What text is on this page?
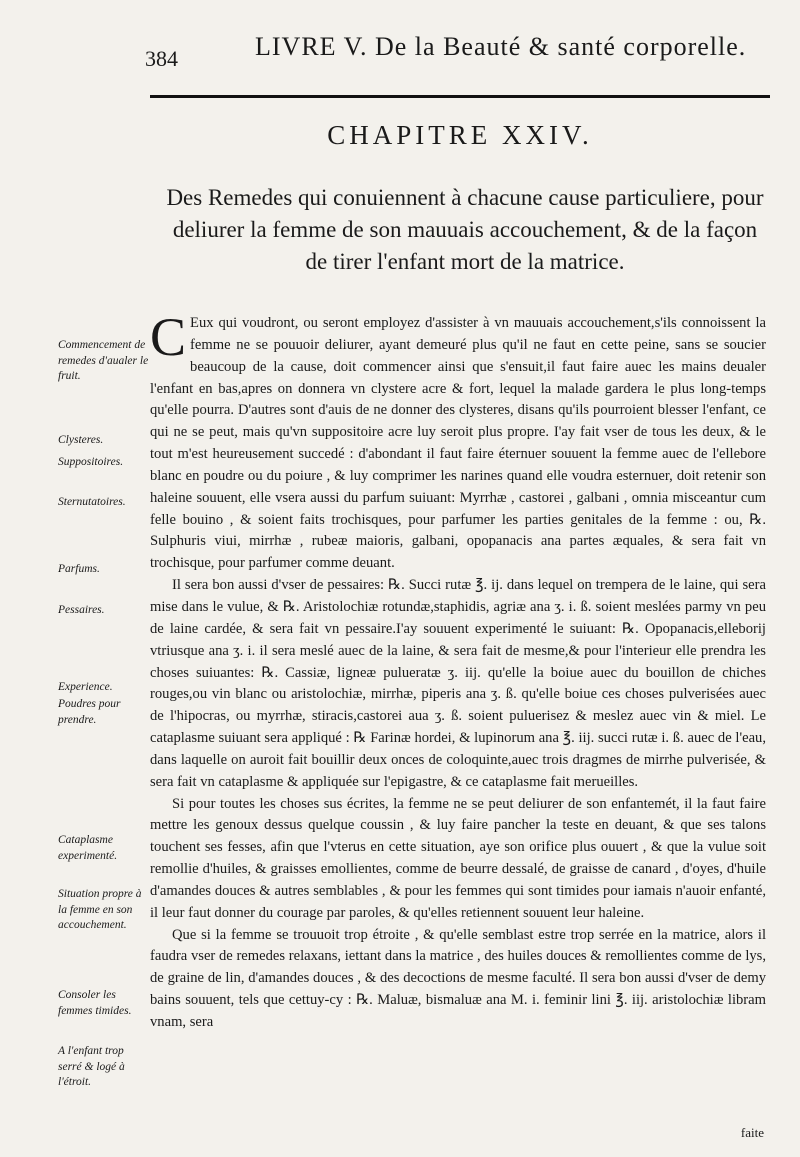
384	LIVRE V. De la Beauté & santé corporelle.
CHAPITRE XXIV.
Des Remedes qui conuiennent à chacune cause particuliere, pour deliurer la femme de son mauuais accouchement, & de la façon de tirer l'enfant mort de la matrice.
Commencement de remedes d'aualer le fruit.
Clysteres.
Suppositoires.
Sternutatoires.
Parfums.
Pessaires.
Experience.
Poudres pour prendre.
Cataplasme experimenté.
Situation propre à la femme en son accouchement.
Consoler les femmes timides.
A l'enfant trop serré & logé à l'étroit.

C Eux qui voudront, ou seront employez d'assister à vn mauuais accouchement,s'ils connoissent la femme ne se pouuoir deliurer, ayant demeuré plus qu'il ne faut en cette peine, sans se soucier beaucoup de la cause, doit commencer ainsi que s'ensuit,il faut faire auec les mains deualer l'enfant en bas,apres on donnera vn clystere acre & fort, lequel la malade gardera le plus long-temps qu'elle pourra. D'autres sont d'auis de ne donner des clysteres, disans qu'ils pourroient blesser l'enfant, ce qui ne se peut, mais qu'vn suppositoire acre luy seroit plus propre. I'ay fait vser de tous les deux, & le tout m'est heureusement succedé : d'abondant il faut faire éternuer souuent la femme auec de l'ellebore blanc en poudre ou du poiure , & luy comprimer les narines quand elle voudra esternuer, doit retenir son haleine souuent, elle vsera aussi du parfum suiuant: Myrrhæ , castorei , galbani , omnia misceantur cum felle bouino , & soient faits trochisques, pour parfumer les parties genitales de la femme : ou, ℞. Sulphuris viui, mirrhæ , rubeæ maioris, galbani, opopanacis ana partes æquales, & sera fait vn trochisque, pour parfumer comme deuant.

Il sera bon aussi d'vser de pessaires: ℞. Succi rutæ ℥. ij. dans lequel on trempera de le laine, qui sera mise dans le vulue, & ℞. Aristolochiæ rotundæ,staphidis, agriæ ana ʒ. i. ß. soient meslées parmy vn peu de laine cardée, & sera fait vn pessaire.I'ay souuent experimenté le suiuant: ℞. Opopanacis,elleborij vtriusque ana ʒ. i. il sera meslé auec de la laine, & sera fait de mesme,& pour l'interieur elle prendra les choses suiuantes: ℞. Cassiæ, ligneæ pulueratæ ʒ. iij. qu'elle la boiue auec du bouillon de chiches rouges,ou vin blanc ou aristolochiæ, mirrhæ, piperis ana ʒ. ß. qu'elle boiue ces choses pulverisées auec de l'hipocras, ou myrrhæ, stiracis,castorei aua ʒ. ß. soient puluerisez & meslez auec vin & miel. Le cataplasme suiuant sera appliqué : ℞ Farinæ hordei, & lupinorum ana ℥. iij. succi rutæ i. ß. auec de l'eau, dans laquelle on auroit fait bouillir deux onces de coloquinte,auec trois dragmes de mirrhe pulverisée, & sera fait vn cataplasme & appliquée sur l'epigastre, & ce cataplasme fait merueilles.

Si pour toutes les choses sus écrites, la femme ne se peut deliurer de son enfantemét, il la faut faire mettre les genoux dessus quelque coussin , & luy faire pancher la teste en deuant, & que ses talons touchent ses fesses, afin que l'vterus en cette situation, aye son orifice plus ouuert , & que la vulue soit remollie d'huiles, & graisses emollientes, comme de beurre dessalé, de graisse de canard , d'oyes, d'huile d'amandes douces & autres semblables , & pour les femmes qui sont timides pour iamais n'auoir enfanté, il leur faut donner du courage par paroles, & qu'elles retiennent souuent leur haleine.

Que si la femme se trouuoit trop étroite , & qu'elle semblast estre trop serrée en la matrice, alors il faudra vser de remedes relaxans, iettant dans la matrice , des huiles douces & remollientes comme de lys, de graine de lin, d'amandes douces , & des decoctions de mesme faculté. Il sera bon aussi d'vser de demy bains souuent, tels que cettuy-cy : ℞. Maluæ, bismaluæ ana M. i. feminir lini ℥. iij. aristolochiæ libram vnam, sera

faite
